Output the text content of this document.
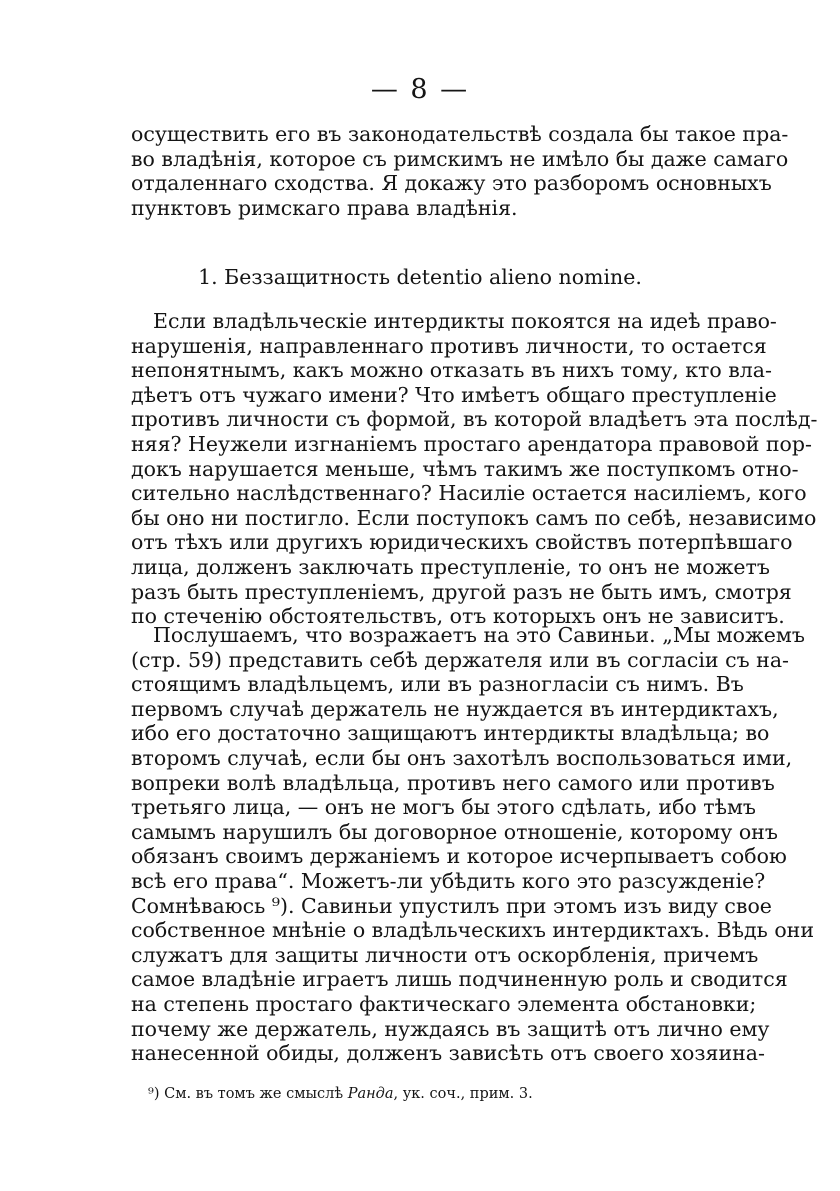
— 8 —
осуществить его въ законодательствѣ создала бы такое пра-
во владѣнія, которое съ римскимъ не имѣло бы даже самаго
отдаленнаго сходства. Я докажу это разборомъ основныхъ
пунктовъ римскаго права владѣнія.
1. Беззащитность detentio alieno nomine.
Если владѣльческіе интердикты покоятся на идеѣ право-
нарушенія, направленнаго противъ личности, то остается
непонятнымъ, какъ можно отказать въ нихъ тому, кто вла-
дѣетъ отъ чужаго имени? Что имѣетъ общаго преступленіе
противъ личности съ формой, въ которой владѣетъ эта послѣд-
няя? Неужели изгнаніемъ простаго арендатора правовой пор-
докъ нарушается меньше, чѣмъ такимъ же поступкомъ отно-
сительно наслѣдственнаго? Насиліе остается насиліемъ, кого
бы оно ни постигло. Если поступокъ самъ по себѣ, независимо
отъ тѣхъ или другихъ юридическихъ свойствъ потерпѣвшаго
лица, долженъ заключать преступленіе, то онъ не можетъ
разъ быть преступленіемъ, другой разъ не быть имъ, смотря
по стеченію обстоятельствъ, отъ которыхъ онъ не зависитъ.
Послушаемъ, что возражаетъ на это Савиньи. „Мы можемъ
(стр. 59) представить себѣ держателя или въ согласіи съ на-
стоящимъ владѣльцемъ, или въ разногласіи съ нимъ. Въ
первомъ случаѣ держатель не нуждается въ интердиктахъ,
ибо его достаточно защищаютъ интердикты владѣльца; во
второмъ случаѣ, если бы онъ захотѣлъ воспользоваться ими,
вопреки волѣ владѣльца, противъ него самого или противъ
третьяго лица, — онъ не могъ бы этого сдѣлать, ибо тѣмъ
самымъ нарушилъ бы договорное отношеніе, которому онъ
обязанъ своимъ держаніемъ и которое исчерпываетъ собою
всѣ его права“. Можетъ-ли убѣдить кого это разсужденіе?
Сомнѣваюсь ⁹). Савиньи упустилъ при этомъ изъ виду свое
собственное мнѣніе о владѣльческихъ интердиктахъ. Вѣдь они
служатъ для защиты личности отъ оскорбленія, причемъ
самое владѣніе играетъ лишь подчиненную роль и сводится
на степень простаго фактическаго элемента обстановки;
почему же держатель, нуждаясь въ защитѣ отъ лично ему
нанесенной обиды, долженъ зависѣть отъ своего хозяина-
⁹) См. въ томъ же смыслѣ Ранда, ук. соч., прим. 3.
